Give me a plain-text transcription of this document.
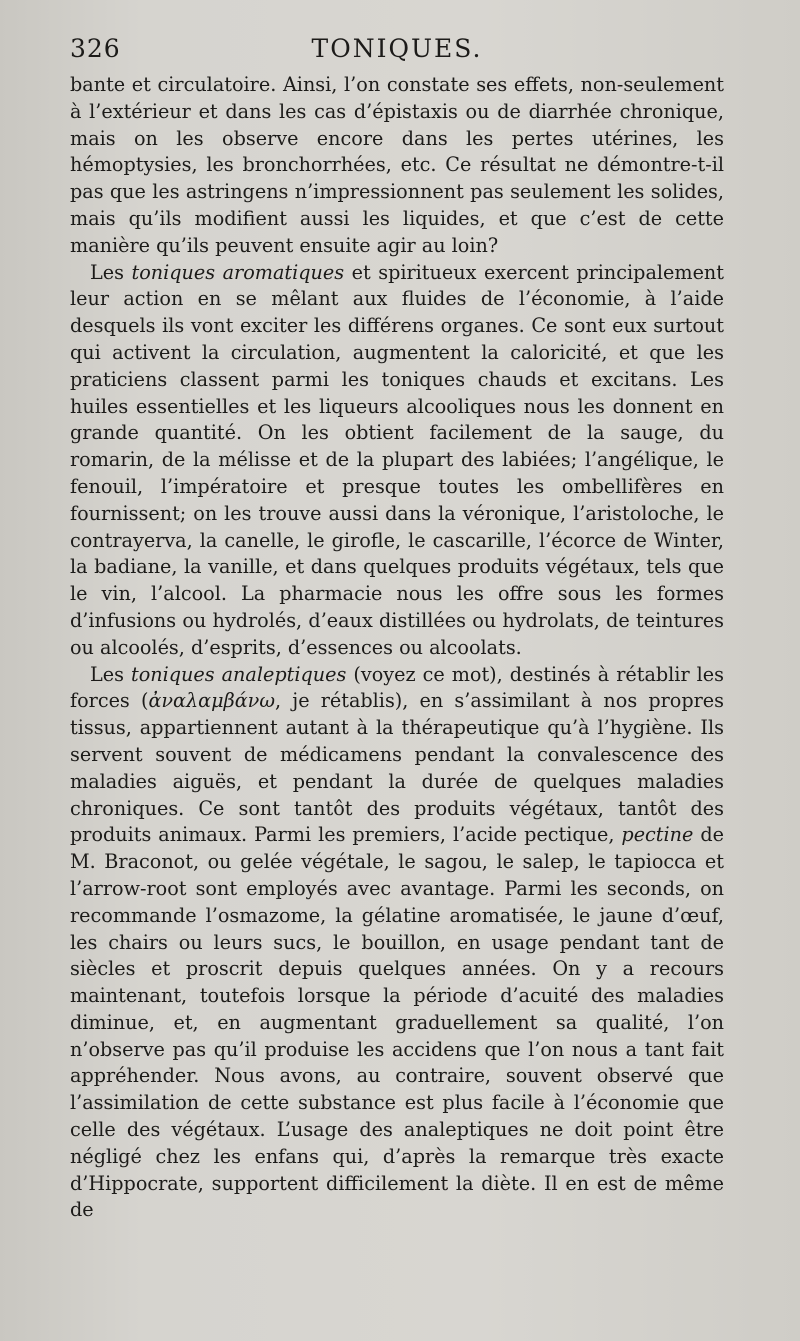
326	TONIQUES.

bante et circulatoire. Ainsi, l’on constate ses effets, non-seulement à l’extérieur et dans les cas d’épistaxis ou de diarrhée chronique, mais on les observe encore dans les pertes utérines, les hémoptysies, les bronchorrhées, etc. Ce résultat ne démontre-t-il pas que les astringens n’impressionnent pas seulement les solides, mais qu’ils modifient aussi les liquides, et que c’est de cette manière qu’ils peuvent ensuite agir au loin?

Les toniques aromatiques et spiritueux exercent principalement leur action en se mêlant aux fluides de l’économie, à l’aide desquels ils vont exciter les différens organes. Ce sont eux surtout qui activent la circulation, augmentent la caloricité, et que les praticiens classent parmi les toniques chauds et excitans. Les huiles essentielles et les liqueurs alcooliques nous les donnent en grande quantité. On les obtient facilement de la sauge, du romarin, de la mélisse et de la plupart des labiées; l’angélique, le fenouil, l’impératoire et presque toutes les ombellifères en fournissent; on les trouve aussi dans la véronique, l’aristoloche, le contrayerva, la canelle, le girofle, le cascarille, l’écorce de Winter, la badiane, la vanille, et dans quelques produits végétaux, tels que le vin, l’alcool. La pharmacie nous les offre sous les formes d’infusions ou hydrolés, d’eaux distillées ou hydrolats, de teintures ou alcoolés, d’esprits, d’essences ou alcoolats.

Les toniques analeptiques (voyez ce mot), destinés à rétablir les forces (ἀναλαμβάνω, je rétablis), en s’assimilant à nos propres tissus, appartiennent autant à la thérapeutique qu’à l’hygiène. Ils servent souvent de médicamens pendant la convalescence des maladies aiguës, et pendant la durée de quelques maladies chroniques. Ce sont tantôt des produits végétaux, tantôt des produits animaux. Parmi les premiers, l’acide pectique, pectine de M. Braconot, ou gelée végétale, le sagou, le salep, le tapiocca et l’arrow-root sont employés avec avantage. Parmi les seconds, on recommande l’osmazome, la gélatine aromatisée, le jaune d’œuf, les chairs ou leurs sucs, le bouillon, en usage pendant tant de siècles et proscrit depuis quelques années. On y a recours maintenant, toutefois lorsque la période d’acuité des maladies diminue, et, en augmentant graduellement sa qualité, l’on n’observe pas qu’il produise les accidens que l’on nous a tant fait appréhender. Nous avons, au contraire, souvent observé que l’assimilation de cette substance est plus facile à l’économie que celle des végétaux. L’usage des analeptiques ne doit point être négligé chez les enfans qui, d’après la remarque très exacte d’Hippocrate, supportent difficilement la diète. Il en est de même de
